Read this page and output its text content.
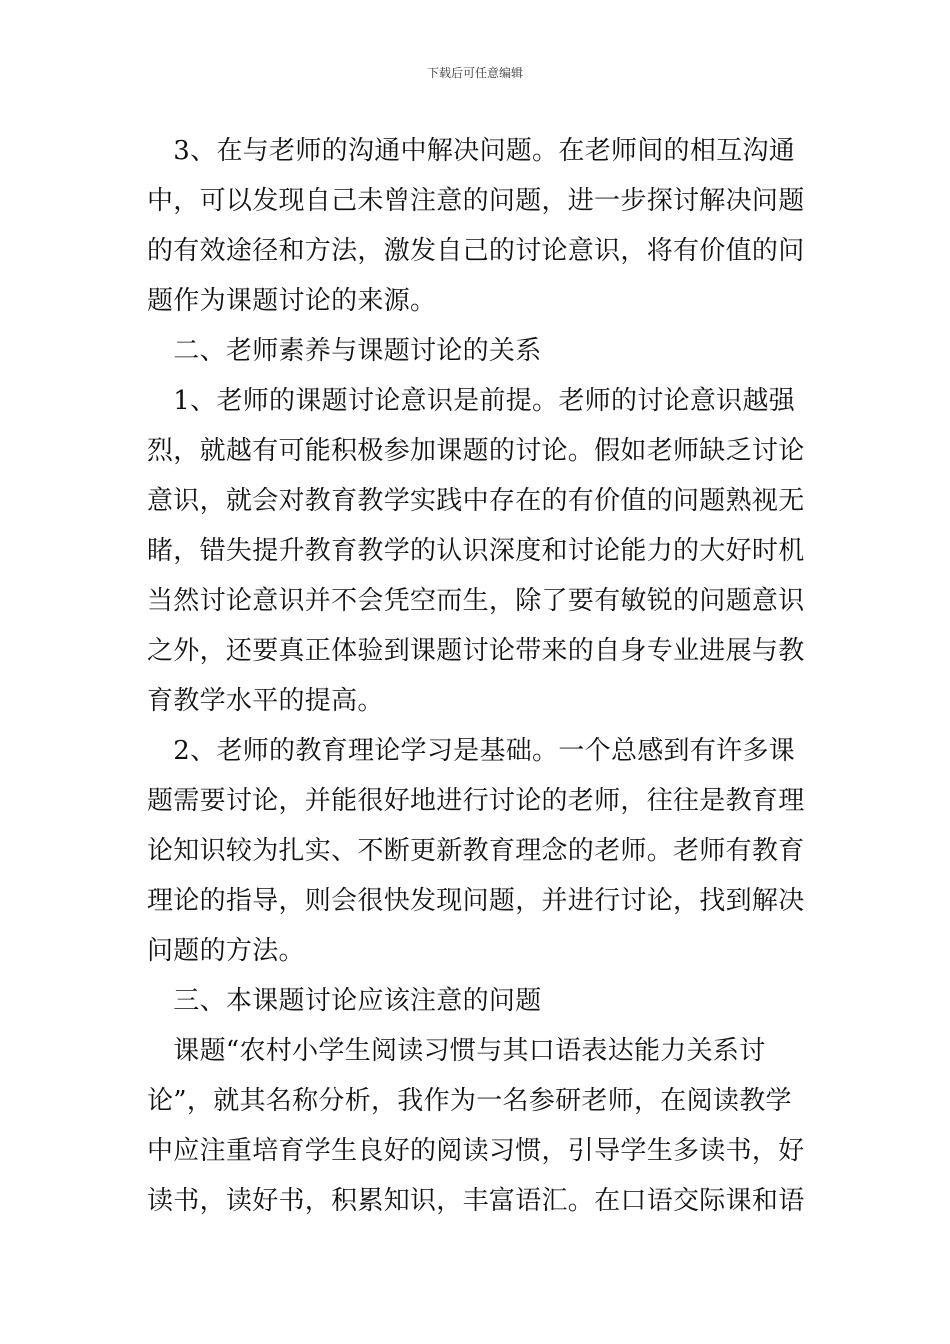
下载后可任意编辑
　3、在与老师的沟通中解决问题。在老师间的相互沟通
中，可以发现自己未曾注意的问题，进一步探讨解决问题
的有效途径和方法，激发自己的讨论意识，将有价值的问
题作为课题讨论的来源。
　二、老师素养与课题讨论的关系
　1、老师的课题讨论意识是前提。老师的讨论意识越强
烈，就越有可能积极参加课题的讨论。假如老师缺乏讨论
意识，就会对教育教学实践中存在的有价值的问题熟视无
睹，错失提升教育教学的认识深度和讨论能力的大好时机
当然讨论意识并不会凭空而生，除了要有敏锐的问题意识
之外，还要真正体验到课题讨论带来的自身专业进展与教
育教学水平的提高。
　2、老师的教育理论学习是基础。一个总感到有许多课
题需要讨论，并能很好地进行讨论的老师，往往是教育理
论知识较为扎实、不断更新教育理念的老师。老师有教育
理论的指导，则会很快发现问题，并进行讨论，找到解决
问题的方法。
　三、本课题讨论应该注意的问题
　课题“农村小学生阅读习惯与其口语表达能力关系讨
论”，就其名称分析，我作为一名参研老师，在阅读教学
中应注重培育学生良好的阅读习惯，引导学生多读书，好
读书，读好书，积累知识，丰富语汇。在口语交际课和语
